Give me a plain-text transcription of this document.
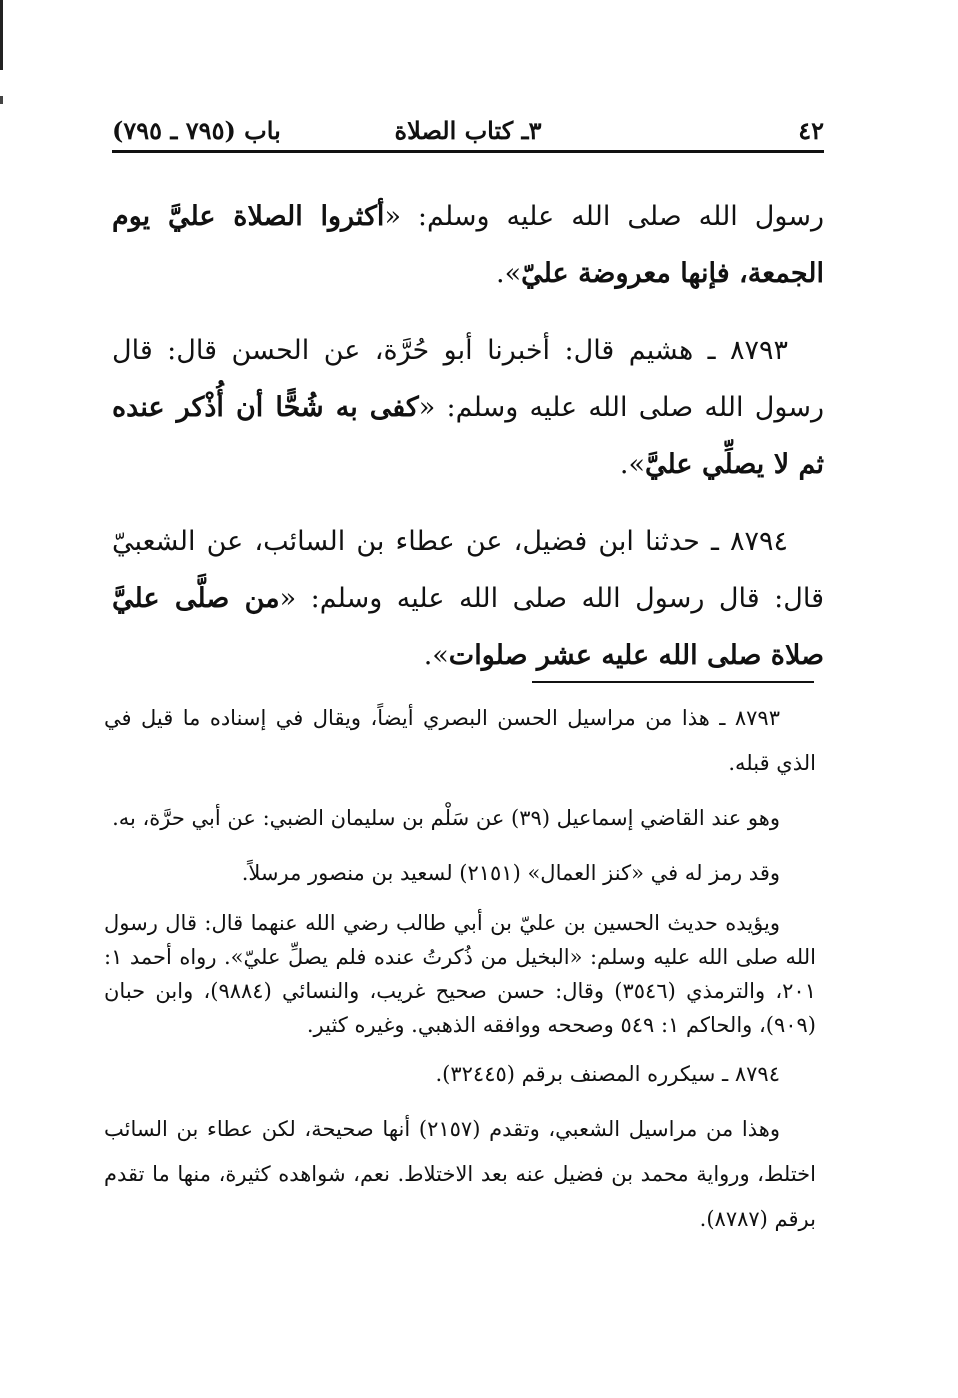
٤٢
٣ـ كتاب الصلاة
باب (٧٩٥ ـ ٧٩٥)

رسول الله صلى الله عليه وسلم: «أكثروا الصلاة عليَّ يوم الجمعة، فإنها معروضة عليّ».

٨٧٩٣ ـ هشيم قال: أخبرنا أبو حُرَّة، عن الحسن قال: قال رسول الله صلى الله عليه وسلم: «كفى به شُحًّا أن أُذْكر عنده ثم لا يصلِّي عليَّ».

٨٧٩٤ ـ حدثنا ابن فضيل، عن عطاء بن السائب، عن الشعبيّ قال: قال رسول الله صلى الله عليه وسلم: «من صلَّى عليَّ صلاة صلى الله عليه عشر صلوات».

٨٧٩٣ ـ هذا من مراسيل الحسن البصري أيضاً، ويقال في إسناده ما قيل في الذي قبله.

وهو عند القاضي إسماعيل (٣٩) عن سَلْم بن سليمان الضبي: عن أبي حرَّة، به.

وقد رمز له في «كنز العمال» (٢١٥١) لسعيد بن منصور مرسلاً.

ويؤيده حديث الحسين بن عليّ بن أبي طالب رضي الله عنهما قال: قال رسول الله صلى الله عليه وسلم: «البخيل من ذُكرتُ عنده فلم يصلِّ عليّ». رواه أحمد ١: ٢٠١، والترمذي (٣٥٤٦) وقال: حسن صحيح غريب، والنسائي (٩٨٨٤)، وابن حبان (٩٠٩)، والحاكم ١: ٥٤٩ وصححه ووافقه الذهبي. وغيره كثير.

٨٧٩٤ ـ سيكرره المصنف برقم (٣٢٤٤٥).

وهذا من مراسيل الشعبي، وتقدم (٢١٥٧) أنها صحيحة، لكن عطاء بن السائب اختلط، ورواية محمد بن فضيل عنه بعد الاختلاط. نعم، شواهده كثيرة، منها ما تقدم برقم (٨٧٨٧).
